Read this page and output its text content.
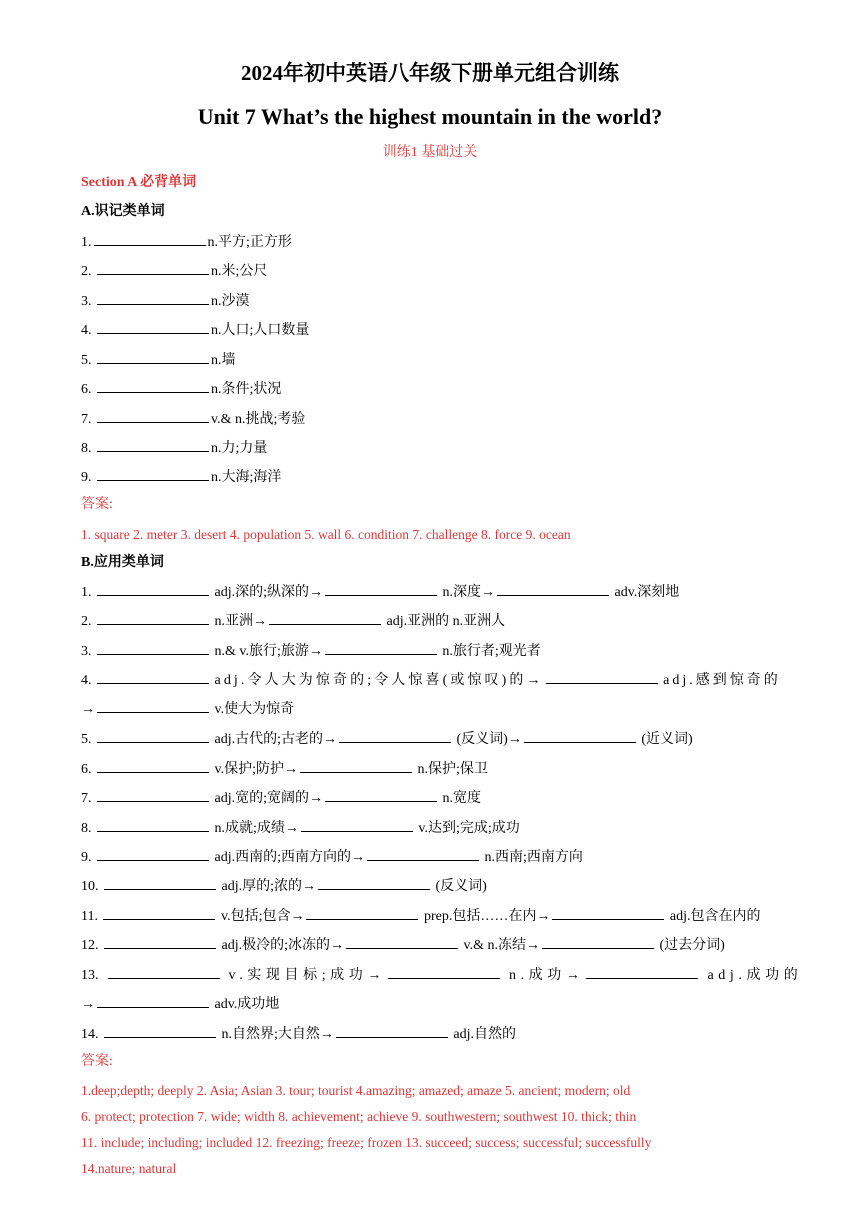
2024年初中英语八年级下册单元组合训练
Unit 7 What’s the highest mountain in the world?
训练1 基础过关
Section A 必背单词
A.识记类单词
1.	n.平方;正方形
2.	n.米;公尺
3.	n.沙漠
4.	n.人口;人口数量
5.	n.墙
6.	n.条件;状况
7.	v.& n.挑战;考验
8.	n.力;力量
9.	n.大海;海洋
答案:
1. square 2. meter 3. desert 4. population 5. wall 6. condition 7. challenge 8. force 9. ocean
B.应用类单词
1.	adj.深的;纵深的→	n.深度→	adv.深刻地
2.	n.亚洲→	adj.亚洲的 n.亚洲人
3.	n.& v.旅行;旅游→	n.旅行者;观光者
4.	adj.令人大为惊奇的;令人惊喜(或惊叹)的→	adj.感到惊奇的
→	v.使大为惊奇
5.	adj.古代的;古老的→	(反义词)→	(近义词)
6.	v.保护;防护→	n.保护;保卫
7.	adj.宽的;宽阔的→	n.宽度
8.	n.成就;成绩→	v.达到;完成;成功
9.	adj.西南的;西南方向的→	n.西南;西南方向
10.	adj.厚的;浓的→	(反义词)
11.	v.包括;包含→	prep.包括……在内→	adj.包含在内的
12.	adj.极冷的;冰冻的→	v.& n.冻结→	(过去分词)
13.	v.实现目标;成功→	n.成功→	adj.成功的
→	adv.成功地
14.	n.自然界;大自然→	adj.自然的
答案:
1.deep;depth; deeply 2. Asia; Asian 3. tour; tourist 4.amazing; amazed; amaze 5. ancient; modern; old
6. protect; protection 7. wide; width 8. achievement; achieve 9. southwestern; southwest 10. thick; thin
11. include; including; included 12. freezing; freeze; frozen 13. succeed; success; successful; successfully
14.nature; natural
